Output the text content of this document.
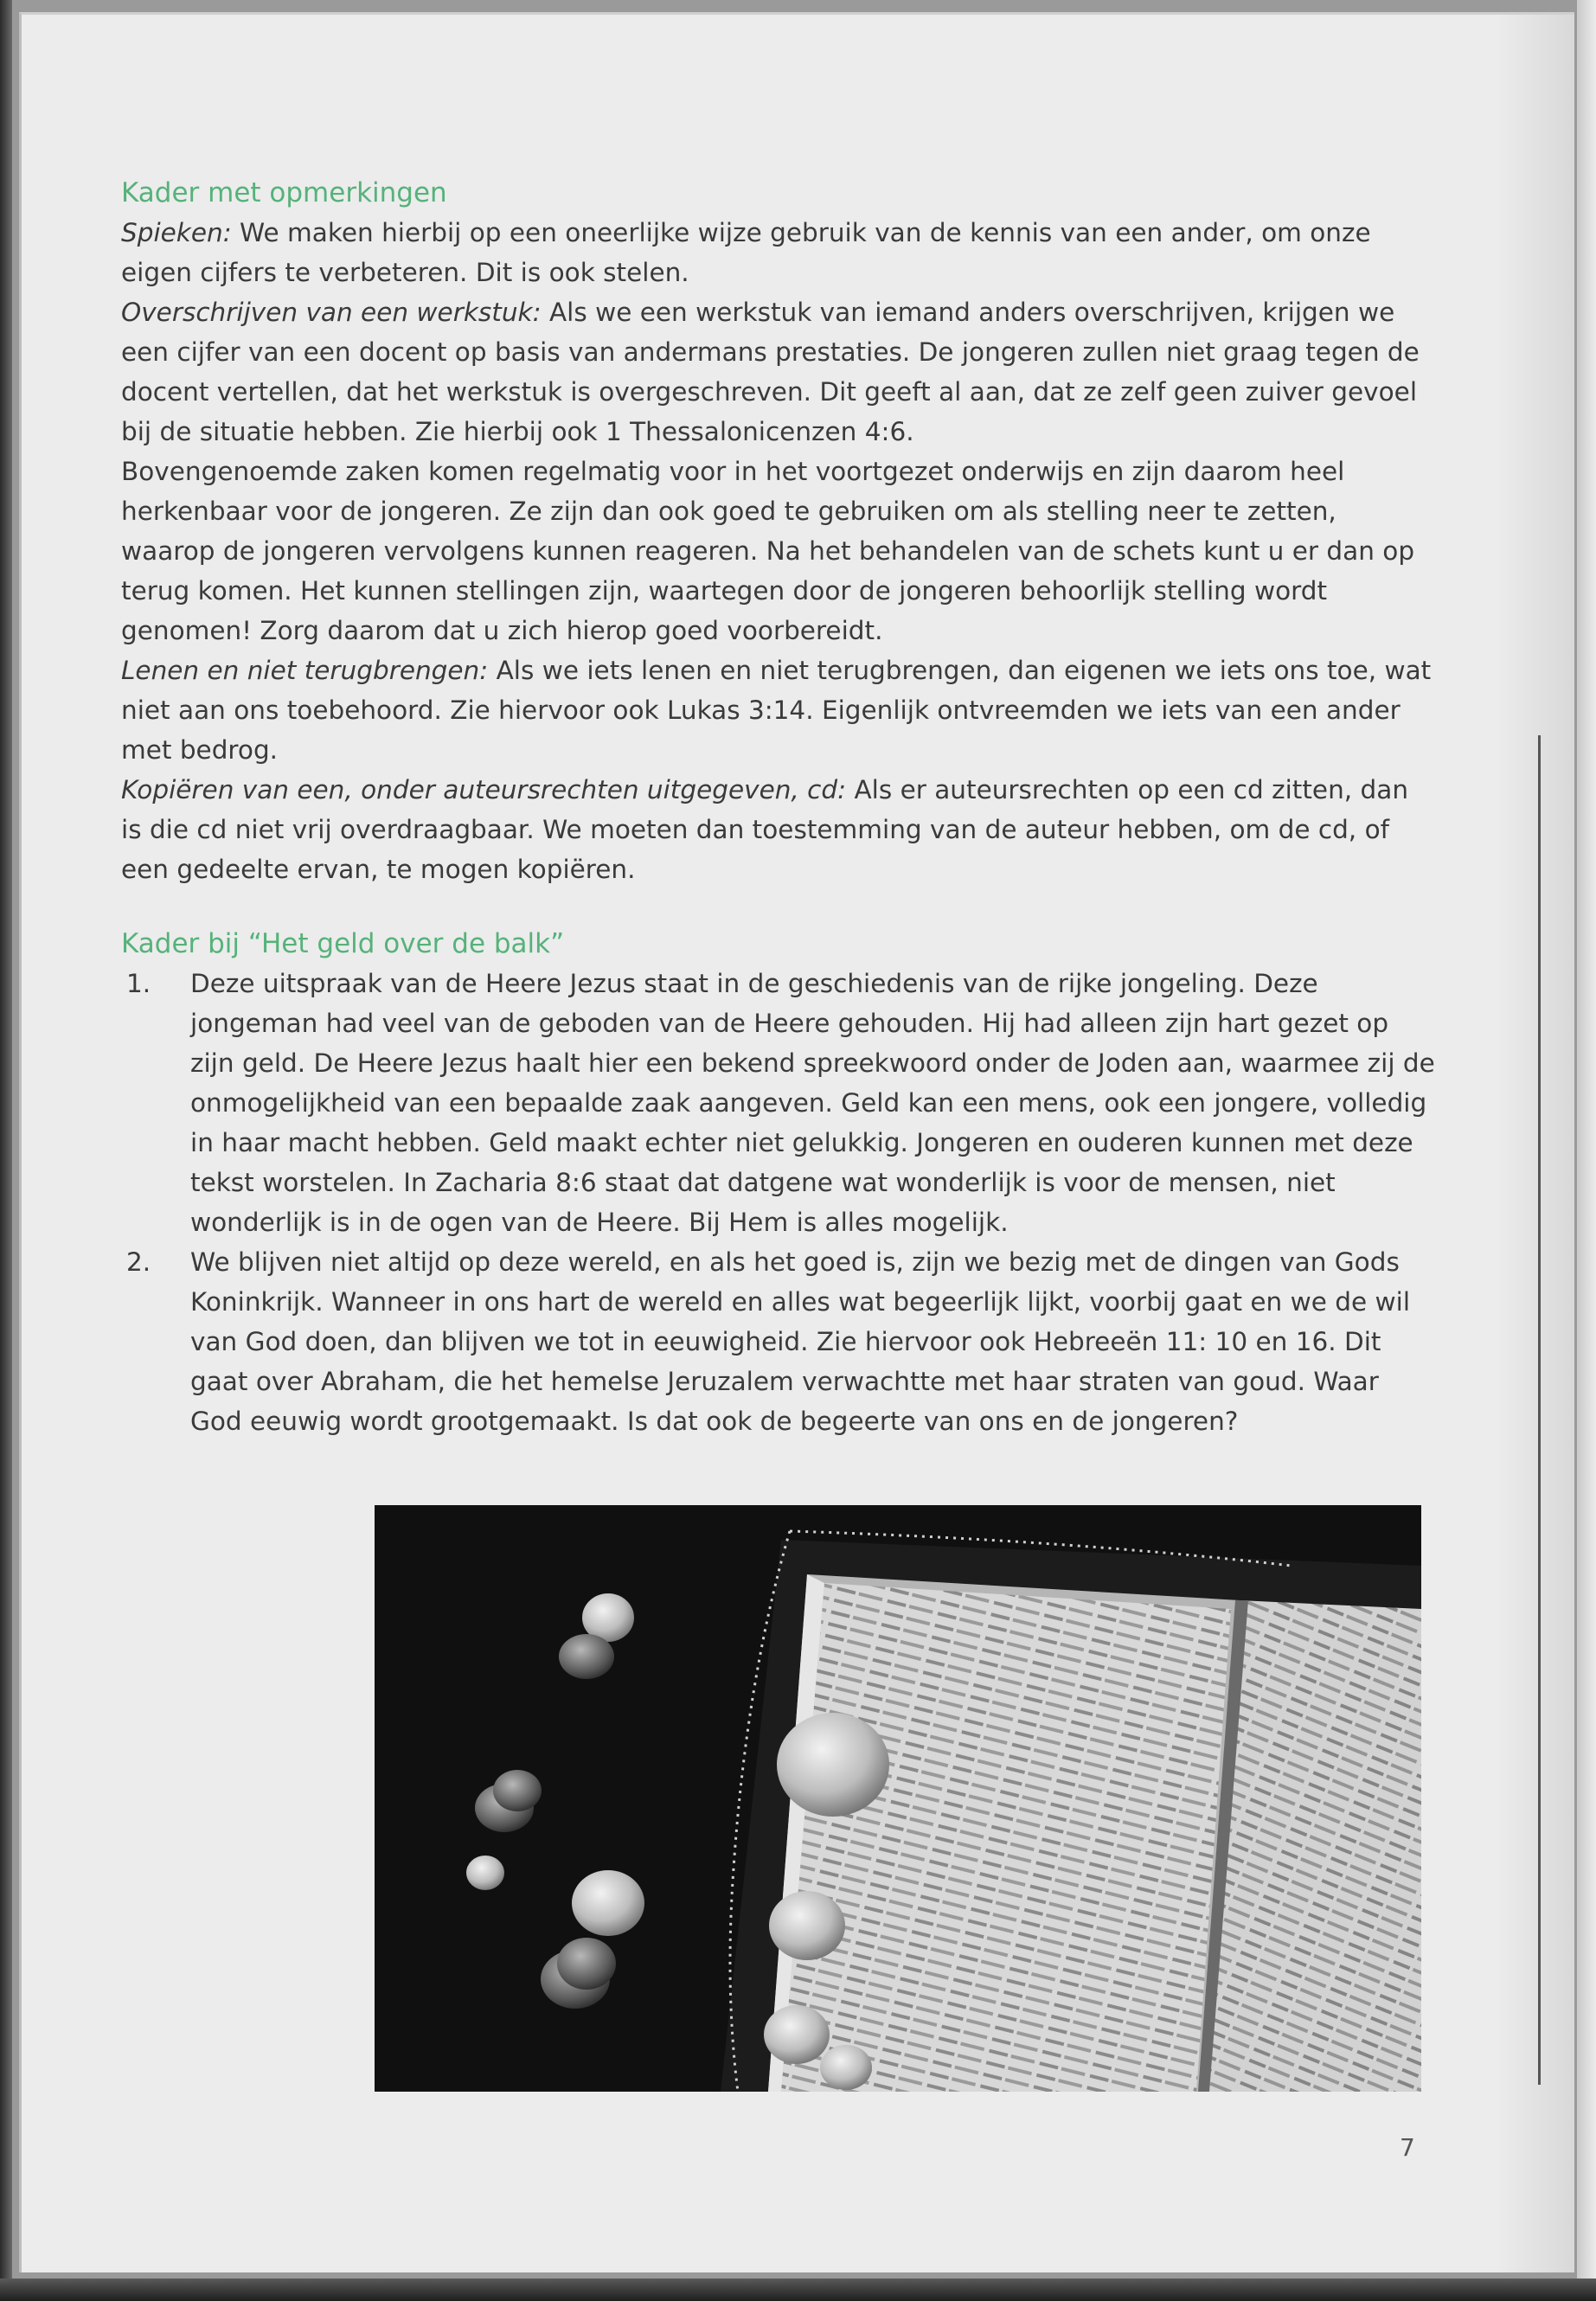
Kader met opmerkingen

Spieken: We maken hierbij op een oneerlijke wijze gebruik van de kennis van een ander, om onze eigen cijfers te verbeteren. Dit is ook stelen.

Overschrijven van een werkstuk: Als we een werkstuk van iemand anders overschrijven, krijgen we een cijfer van een docent op basis van andermans prestaties. De jongeren zullen niet graag tegen de docent vertellen, dat het werkstuk is overgeschreven. Dit geeft al aan, dat ze zelf geen zuiver gevoel bij de situatie hebben. Zie hierbij ook 1 Thessalonicenzen 4:6.

Bovengenoemde zaken komen regelmatig voor in het voortgezet onderwijs en zijn daarom heel herkenbaar voor de jongeren. Ze zijn dan ook goed te gebruiken om als stelling neer te zetten, waarop de jongeren vervolgens kunnen reageren. Na het behandelen van de schets kunt u er dan op terug komen. Het kunnen stellingen zijn, waartegen door de jongeren behoorlijk stelling wordt genomen! Zorg daarom dat u zich hierop goed voorbereidt.

Lenen en niet terugbrengen: Als we iets lenen en niet terugbrengen, dan eigenen we iets ons toe, wat niet aan ons toebehoord. Zie hiervoor ook Lukas 3:14. Eigenlijk ontvreemden we iets van een ander met bedrog.

Kopiëren van een, onder auteursrechten uitgegeven, cd: Als er auteursrechten op een cd zitten, dan is die cd niet vrij overdraagbaar. We moeten dan toestemming van de auteur hebben, om de cd, of een gedeelte ervan, te mogen kopiëren.

Kader bij “Het geld over de balk”
1. Deze uitspraak van de Heere Jezus staat in de geschiedenis van de rijke jongeling. Deze jongeman had veel van de geboden van de Heere gehouden. Hij had alleen zijn hart gezet op zijn geld. De Heere Jezus haalt hier een bekend spreekwoord onder de Joden aan, waarmee zij de onmogelijkheid van een bepaalde zaak aangeven. Geld kan een mens, ook een jongere, volledig in haar macht hebben. Geld maakt echter niet gelukkig. Jongeren en ouderen kunnen met deze tekst worstelen. In Zacharia 8:6 staat dat datgene wat wonderlijk is voor de mensen, niet wonderlijk is in de ogen van de Heere. Bij Hem is alles mogelijk.
2. We blijven niet altijd op deze wereld, en als het goed is, zijn we bezig met de dingen van Gods Koninkrijk. Wanneer in ons hart de wereld en alles wat begeerlijk lijkt, voorbij gaat en we de wil van God doen, dan blijven we tot in eeuwigheid. Zie hiervoor ook Hebreeën 11: 10 en 16. Dit gaat over Abraham, die het hemelse Jeruzalem verwachtte met haar straten van goud. Waar God eeuwig wordt grootgemaakt. Is dat ook de begeerte van ons en de jongeren?
7
